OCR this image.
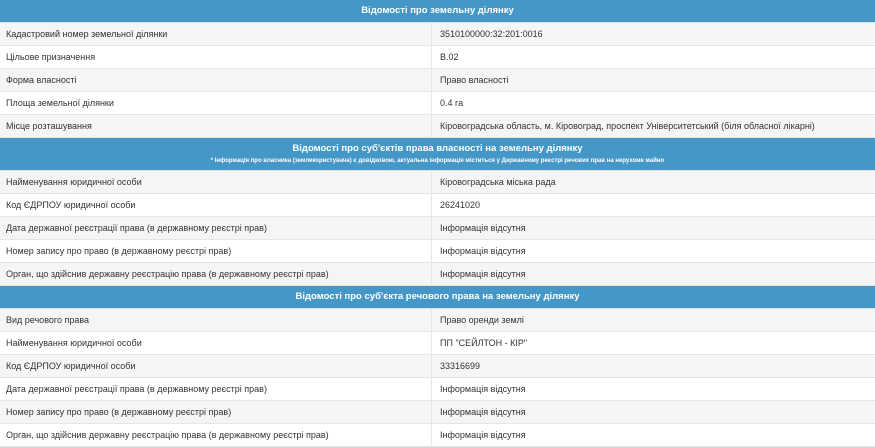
Відомості про земельну ділянку
Кадастровий номер земельної ділянки	3510100000:32:201:0016
Цільове призначення	В.02
Форма власності	Право власності
Площа земельної ділянки	0.4 га
Місце розташування	Кіровоградська область, м. Кіровоград, проспект Університетський (біля обласної лікарні)
Відомості про суб'єктів права власності на земельну ділянку
* Інформація про власника (землекористувача) є довідковою, актуальна інформація міститься у Державному реєстрі речових прав на нерухоме майно
Найменування юридичної особи	Кіровоградська міська рада
Код ЄДРПОУ юридичної особи	26241020
Дата державної реєстрації права (в державному реєстрі прав)	Інформація відсутня
Номер запису про право (в державному реєстрі прав)	Інформація відсутня
Орган, що здійснив державну реєстрацію права (в державному реєстрі прав)	Інформація відсутня
Відомості про суб'єкта речового права на земельну ділянку
Вид речового права	Право оренди землі
Найменування юридичної особи	ПП "СЕЙЛТОН - КІР"
Код ЄДРПОУ юридичної особи	33316699
Дата державної реєстрації права (в державному реєстрі прав)	Інформація відсутня
Номер запису про право (в державному реєстрі прав)	Інформація відсутня
Орган, що здійснив державну реєстрацію права (в державному реєстрі прав)	Інформація відсутня
